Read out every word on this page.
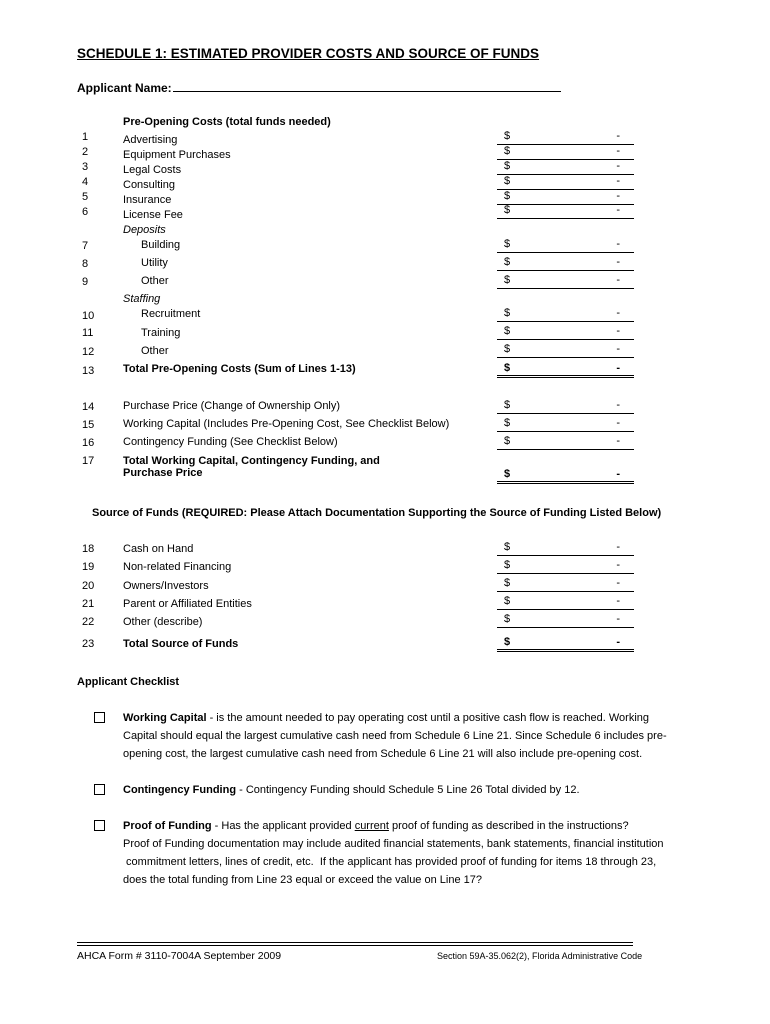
SCHEDULE 1: ESTIMATED PROVIDER COSTS AND SOURCE OF FUNDS
Applicant Name:
Pre-Opening Costs (total funds needed)
1	Advertising	$	-
2	Equipment Purchases	$	-
3	Legal Costs	$	-
4	Consulting	$	-
5	Insurance	$	-
6	License Fee	$	-
Deposits
7	Building	$	-
8	Utility	$	-
9	Other	$	-
Staffing
10	Recruitment	$	-
11	Training	$	-
12	Other	$	-
13	Total Pre-Opening Costs (Sum of Lines 1-13)	$	-
14	Purchase Price (Change of Ownership Only)	$	-
15	Working Capital (Includes Pre-Opening Cost, See Checklist Below)	$	-
16	Contingency Funding (See Checklist Below)	$	-
17	Total Working Capital, Contingency Funding, and
Purchase Price	$	-
Source of Funds (REQUIRED: Please Attach Documentation Supporting the Source of Funding Listed Below)
18	Cash on Hand	$	-
19	Non-related Financing	$	-
20	Owners/Investors	$	-
21	Parent or Affiliated Entities	$	-
22	Other (describe)	$	-
23	Total Source of Funds	$	-
Applicant Checklist
Working Capital - is the amount needed to pay operating cost until a positive cash flow is reached. Working Capital should equal the largest cumulative cash need from Schedule 6 Line 21. Since Schedule 6 includes pre-opening cost, the largest cumulative cash need from Schedule 6 Line 21 will also include pre-opening cost.
Contingency Funding - Contingency Funding should Schedule 5 Line 26 Total divided by 12.
Proof of Funding - Has the applicant provided current proof of funding as described in the instructions?
Proof of Funding documentation may include audited financial statements, bank statements, financial institution
commitment letters, lines of credit, etc.  If the applicant has provided proof of funding for items 18 through 23,
does the total funding from Line 23 equal or exceed the value on Line 17?
AHCA Form # 3110-7004A September 2009	Section 59A-35.062(2), Florida Administrative Code
